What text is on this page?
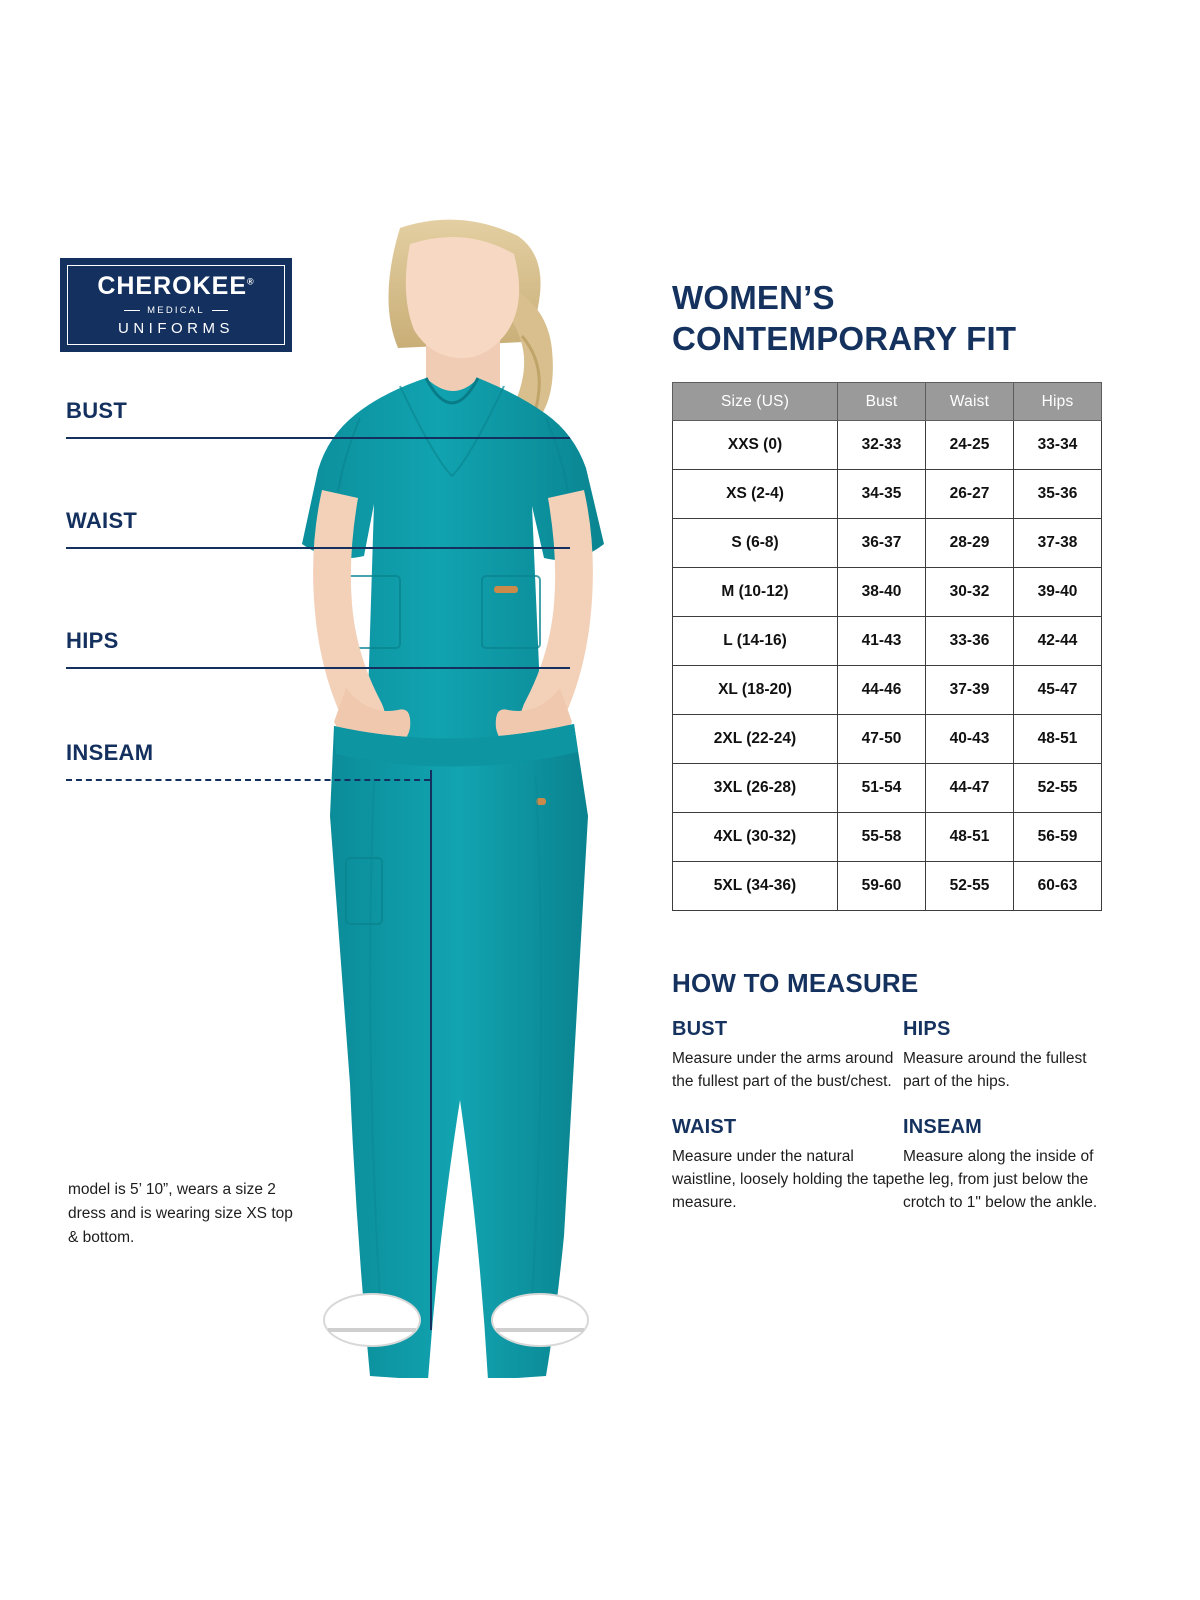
CHEROKEE®
MEDICAL
UNIFORMS
BUST
WAIST
HIPS
INSEAM
model is 5’ 10”, wears a size 2 dress and is wearing size XS top & bottom.
WOMEN’S
CONTEMPORARY FIT
Size (US)	Bust	Waist	Hips
XXS (0)	32-33	24-25	33-34
XS (2-4)	34-35	26-27	35-36
S (6-8)	36-37	28-29	37-38
M (10-12)	38-40	30-32	39-40
L (14-16)	41-43	33-36	42-44
XL (18-20)	44-46	37-39	45-47
2XL (22-24)	47-50	40-43	48-51
3XL (26-28)	51-54	44-47	52-55
4XL (30-32)	55-58	48-51	56-59
5XL (34-36)	59-60	52-55	60-63
HOW TO MEASURE
BUST

Measure under the arms around the fullest part of the bust/chest.

HIPS

Measure around the fullest part of the hips.

WAIST

Measure under the natural waistline, loosely holding the tape measure.

INSEAM

Measure along the inside of the leg, from just below the crotch to 1" below the ankle.
